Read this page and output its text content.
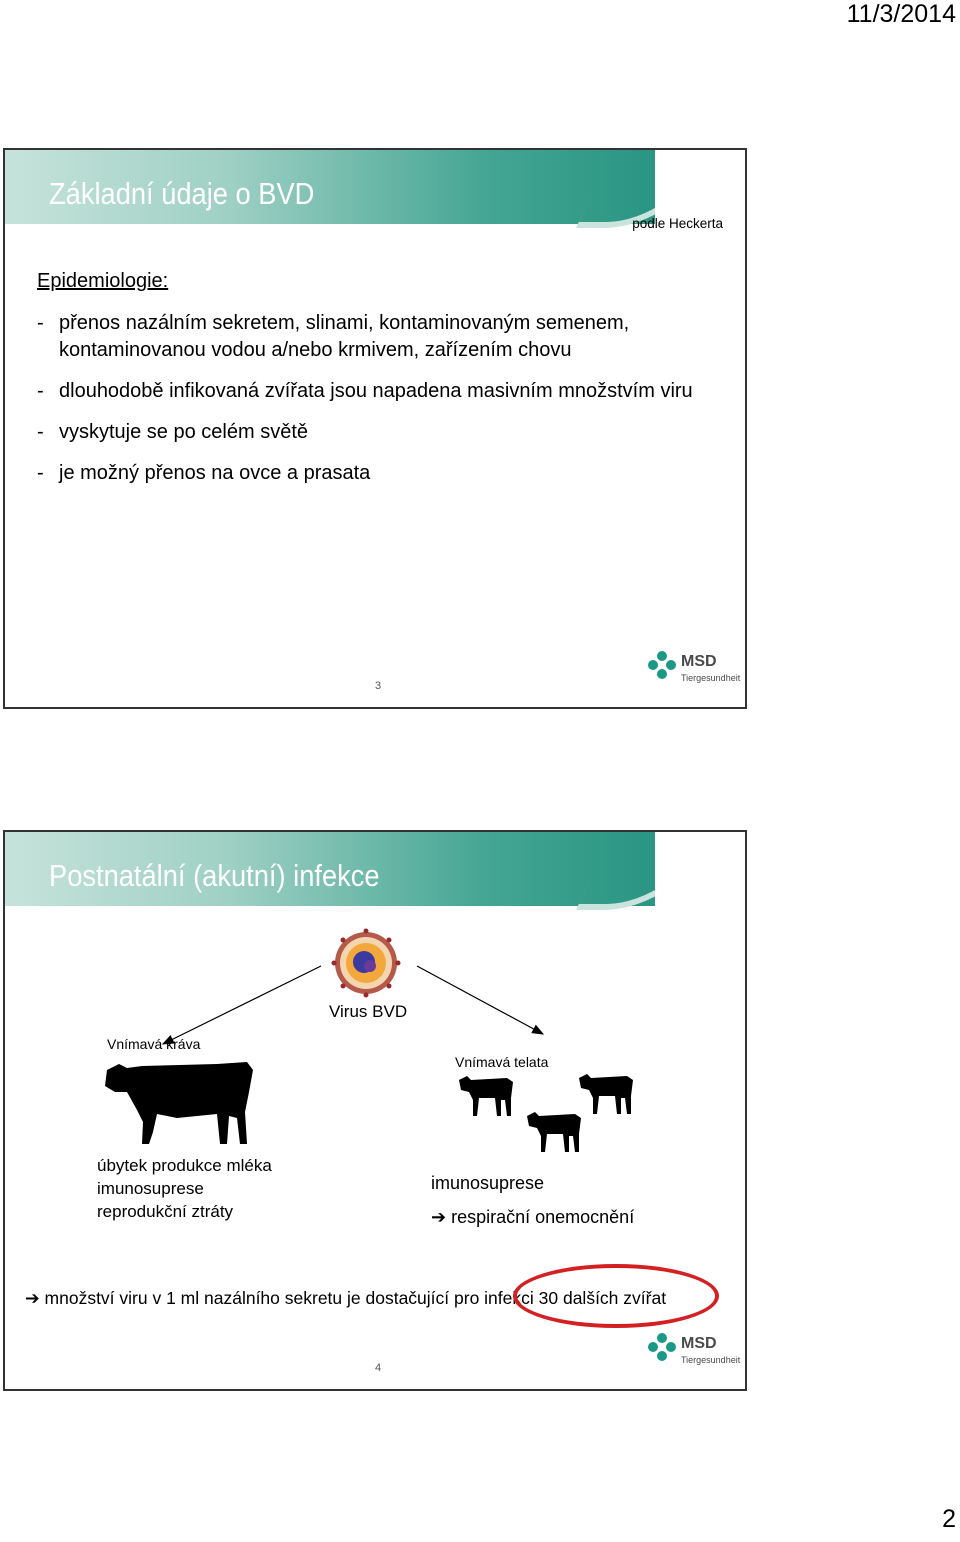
11/3/2014
Základní údaje o BVD
podle Heckerta
Epidemiologie:
- přenos nazálním sekretem, slinami, kontaminovaným semenem, kontaminovanou vodou a/nebo krmivem, zařízením chovu
- dlouhodobě infikovaná zvířata jsou napadena masivním množstvím viru
- vyskytuje se po celém světě
- je možný přenos na ovce a prasata
3
MSD
Tiergesundheit
Postnatální (akutní) infekce
Virus BVD
Vnímavá kráva
Vnímavá telata
úbytek produkce mléka
imunosuprese
reprodukční ztráty
imunosuprese
➔ respirační onemocnění
➔ množství viru v 1 ml nazálního sekretu je dostačující pro infekci 30 dalších zvířat
4
MSD
Tiergesundheit
2
